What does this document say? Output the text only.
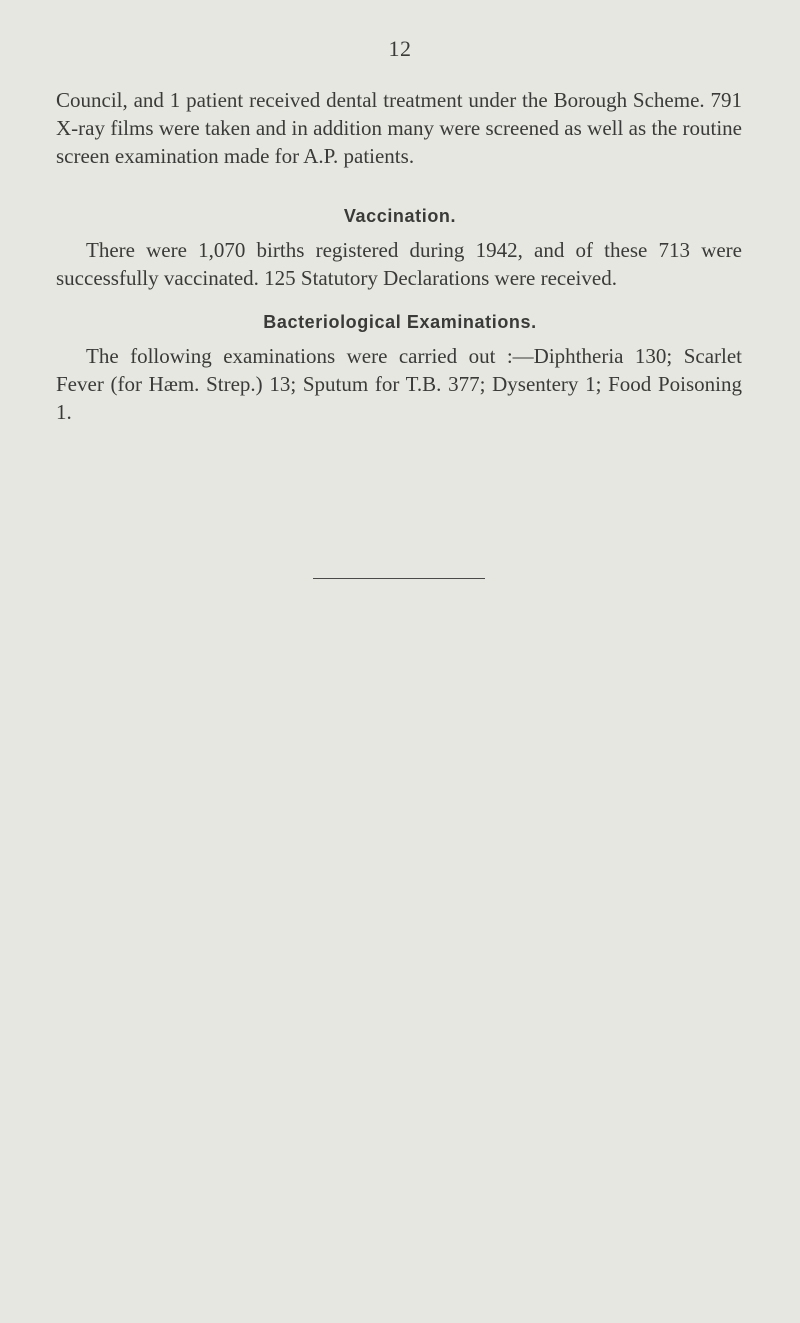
12

Council, and 1 patient received dental treatment under the Borough Scheme. 791 X-ray films were taken and in addition many were screened as well as the routine screen examination made for A.P. patients.

Vaccination.

There were 1,070 births registered during 1942, and of these 713 were successfully vaccinated. 125 Statutory Declarations were received.

Bacteriological Examinations.

The following examinations were carried out :—Diphtheria 130; Scarlet Fever (for Hæm. Strep.) 13; Sputum for T.B. 377; Dysentery 1; Food Poisoning 1.
